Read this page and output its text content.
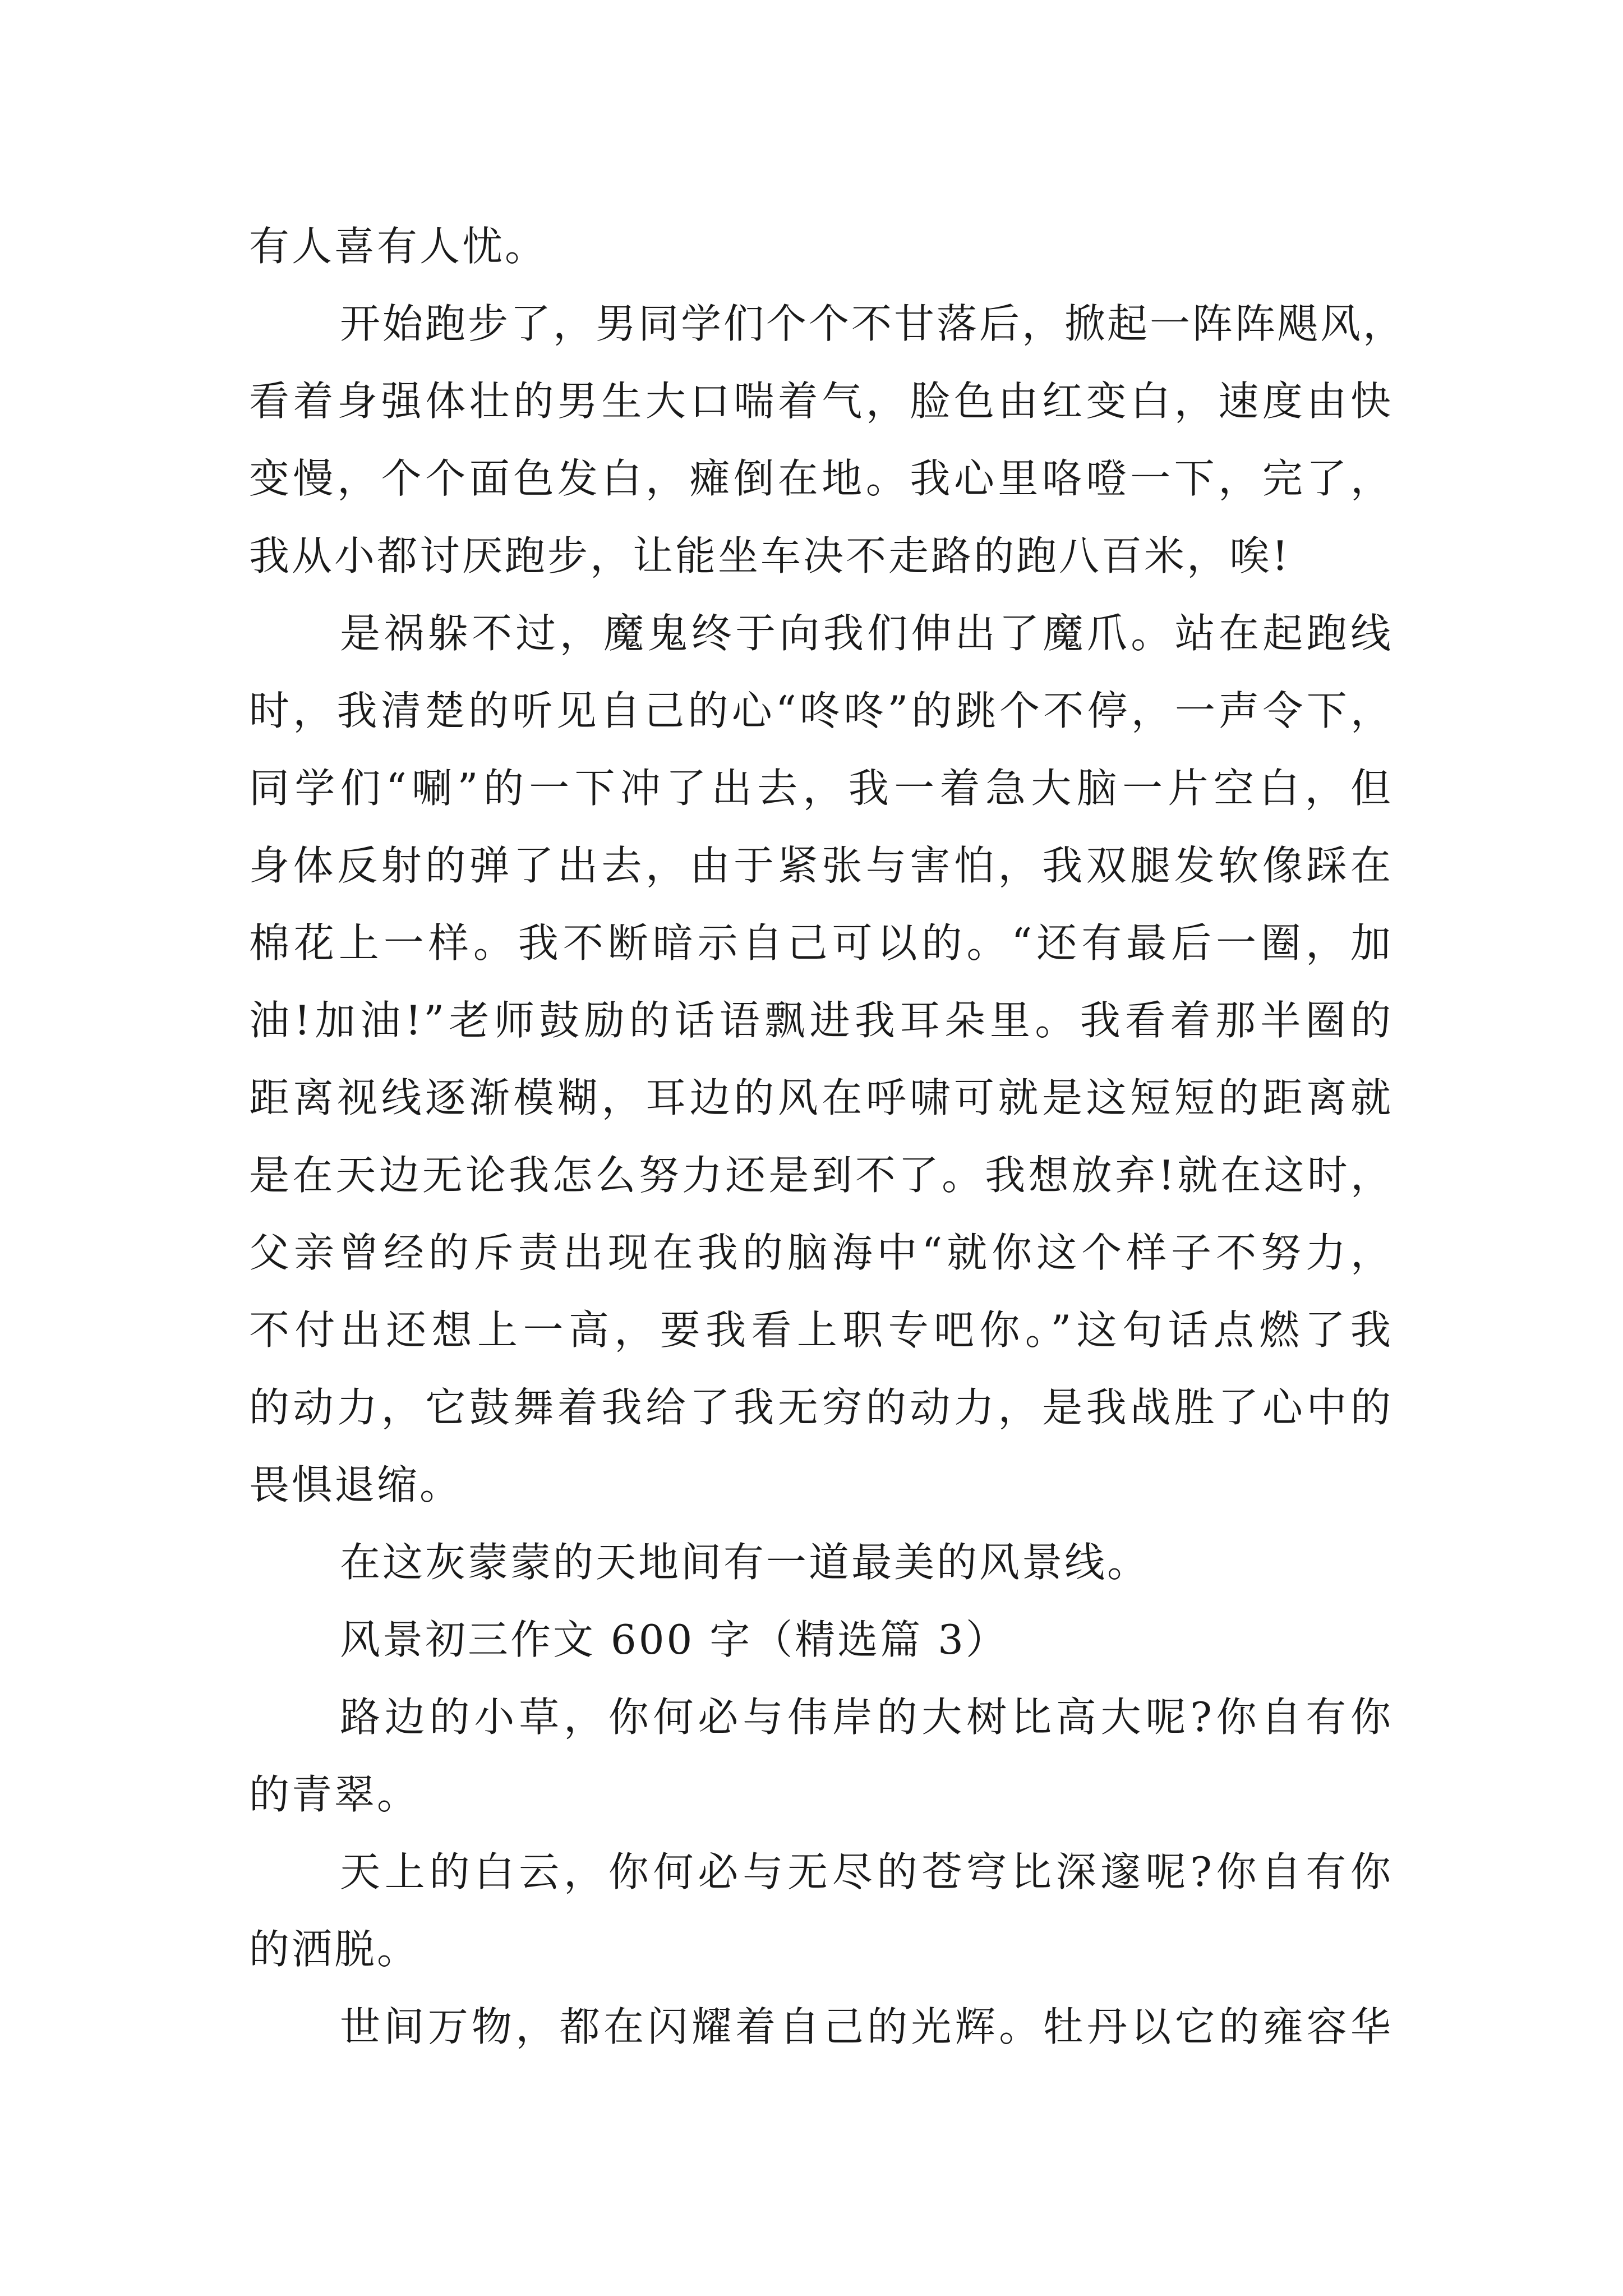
有人喜有人忧。
开始跑步了，男同学们个个不甘落后，掀起一阵阵飓风，
看着身强体壮的男生大口喘着气，脸色由红变白，速度由快
变慢，个个面色发白，瘫倒在地。我心里咯噔一下，完了，
我从小都讨厌跑步，让能坐车决不走路的跑八百米，唉!
是祸躲不过，魔鬼终于向我们伸出了魔爪。站在起跑线
时，我清楚的听见自己的心“咚咚”的跳个不停，一声令下，
同学们“唰”的一下冲了出去，我一着急大脑一片空白，但
身体反射的弹了出去，由于紧张与害怕，我双腿发软像踩在
棉花上一样。我不断暗示自己可以的。“还有最后一圈，加
油!加油!”老师鼓励的话语飘进我耳朵里。我看着那半圈的
距离视线逐渐模糊，耳边的风在呼啸可就是这短短的距离就
是在天边无论我怎么努力还是到不了。我想放弃!就在这时，
父亲曾经的斥责出现在我的脑海中“就你这个样子不努力，
不付出还想上一高，要我看上职专吧你。”这句话点燃了我
的动力，它鼓舞着我给了我无穷的动力，是我战胜了心中的
畏惧退缩。
在这灰蒙蒙的天地间有一道最美的风景线。
风景初三作文 600 字（精选篇 3）
路边的小草，你何必与伟岸的大树比高大呢?你自有你
的青翠。
天上的白云，你何必与无尽的苍穹比深邃呢?你自有你
的洒脱。
世间万物，都在闪耀着自己的光辉。牡丹以它的雍容华
